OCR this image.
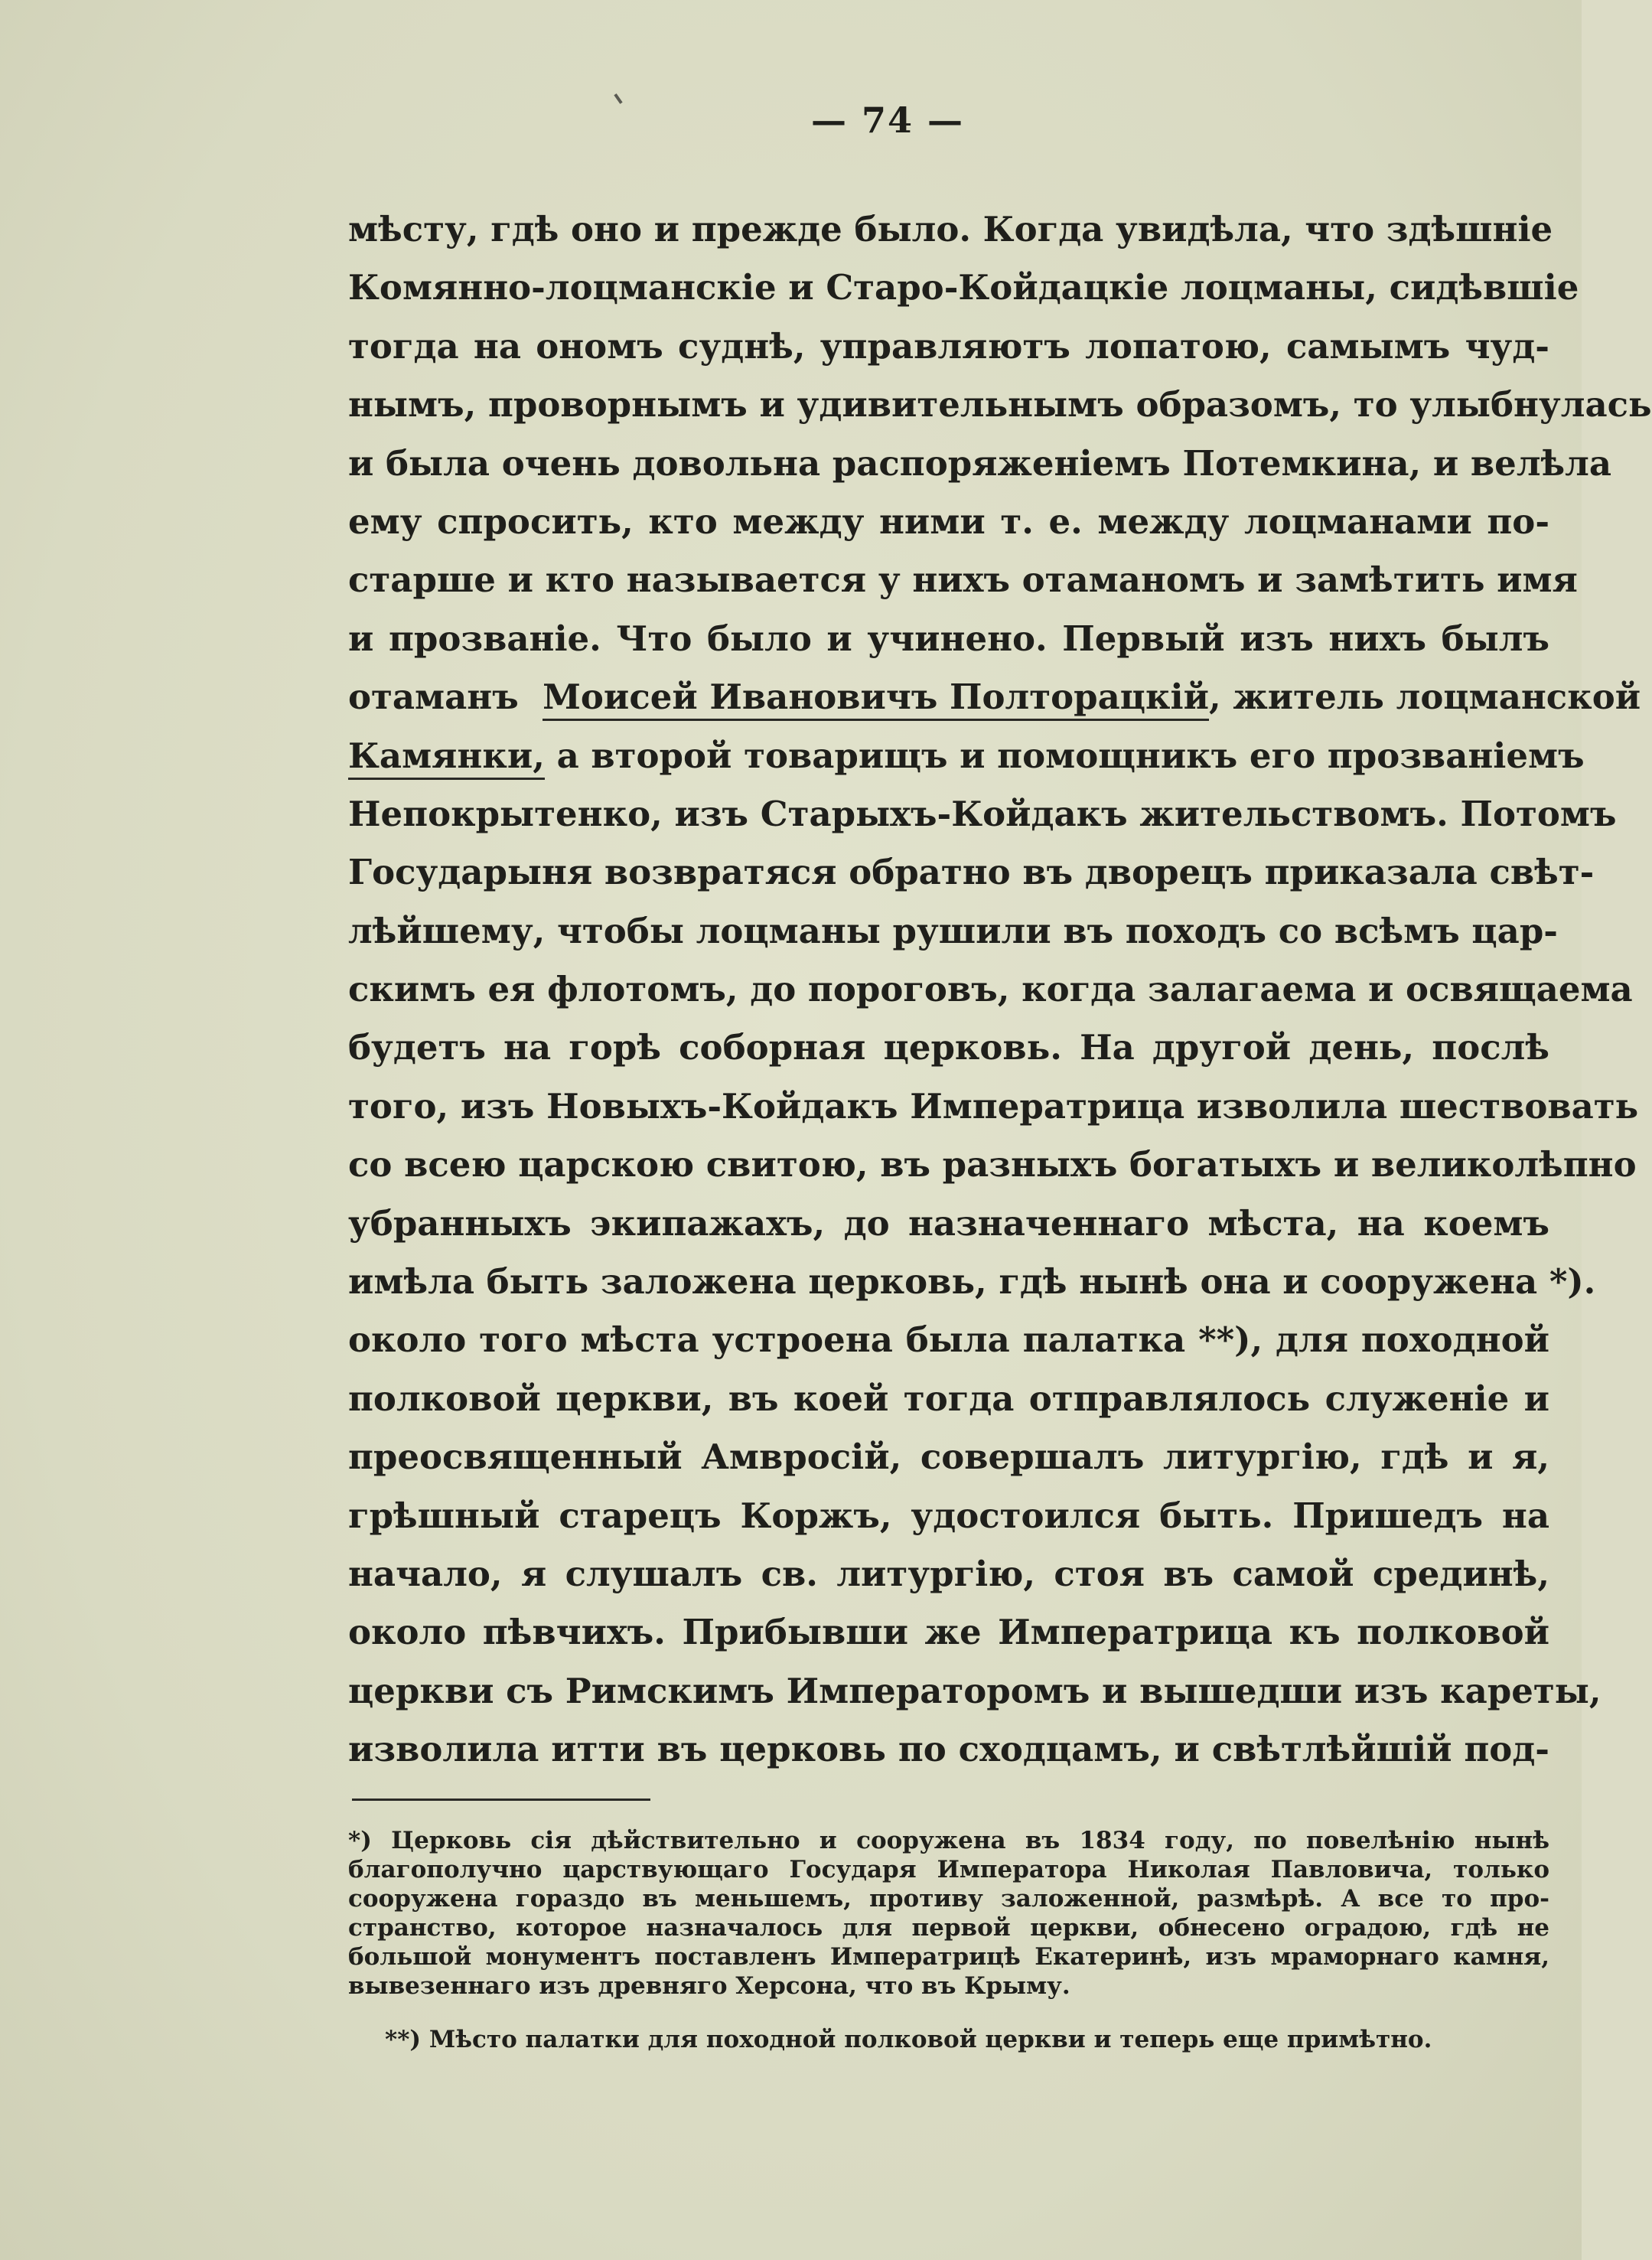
— 74 —
мѣсту, гдѣ оно и прежде было. Когда увидѣла, что здѣшніе
Комянно-лоцманскіе и Старо-Койдацкіе лоцманы, сидѣвшіе
тогда на ономъ суднѣ, управляютъ лопатою, самымъ чуд-
нымъ, проворнымъ и удивительнымъ образомъ, то улыбнулась
и была очень довольна распоряженіемъ Потемкина, и велѣла
ему спросить, кто между ними т. е. между лоцманами по-
старше и кто называется у нихъ отаманомъ и замѣтить имя
и прозваніе. Что было и учинено. Первый изъ нихъ былъ
отаманъ Моисей Ивановичъ Полторацкій, житель лоцманской
Камянки, а второй товарищъ и помощникъ его прозваніемъ
Непокрытенко, изъ Старыхъ-Койдакъ жительствомъ. Потомъ
Государыня возвратяся обратно въ дворецъ приказала свѣт-
лѣйшему, чтобы лоцманы рушили въ походъ со всѣмъ цар-
скимъ ея флотомъ, до пороговъ, когда залагаема и освящаема
будетъ на горѣ соборная церковь. На другой день, послѣ
того, изъ Новыхъ-Койдакъ Императрица изволила шествовать
со всею царскою свитою, въ разныхъ богатыхъ и великолѣпно
убранныхъ экипажахъ, до назначеннаго мѣста, на коемъ
имѣла быть заложена церковь, гдѣ нынѣ она и сооружена *).
около того мѣста устроена была палатка **), для походной
полковой церкви, въ коей тогда отправлялось служеніе и
преосвященный Амвросій, совершалъ литургію, гдѣ и я,
грѣшный старецъ Коржъ, удостоился быть. Пришедъ на
начало, я слушалъ св. литургію, стоя въ самой срединѣ,
около пѣвчихъ. Прибывши же Императрица къ полковой
церкви съ Римскимъ Императоромъ и вышедши изъ кареты,
изволила итти въ церковь по сходцамъ, и свѣтлѣйшій под-
*) Церковь сія дѣйствительно и сооружена въ 1834 году, по повелѣнію нынѣ
благополучно царствующаго Государя Императора Николая Павловича, только
сооружена гораздо въ меньшемъ, противу заложенной, размѣрѣ. А все то про-
странство, которое назначалось для первой церкви, обнесено оградою, гдѣ не
большой монументъ поставленъ Императрицѣ Екатеринѣ, изъ мраморнаго камня,
вывезеннаго изъ древняго Херсона, что въ Крыму.
**) Мѣсто палатки для походной полковой церкви и теперь еще примѣтно.
